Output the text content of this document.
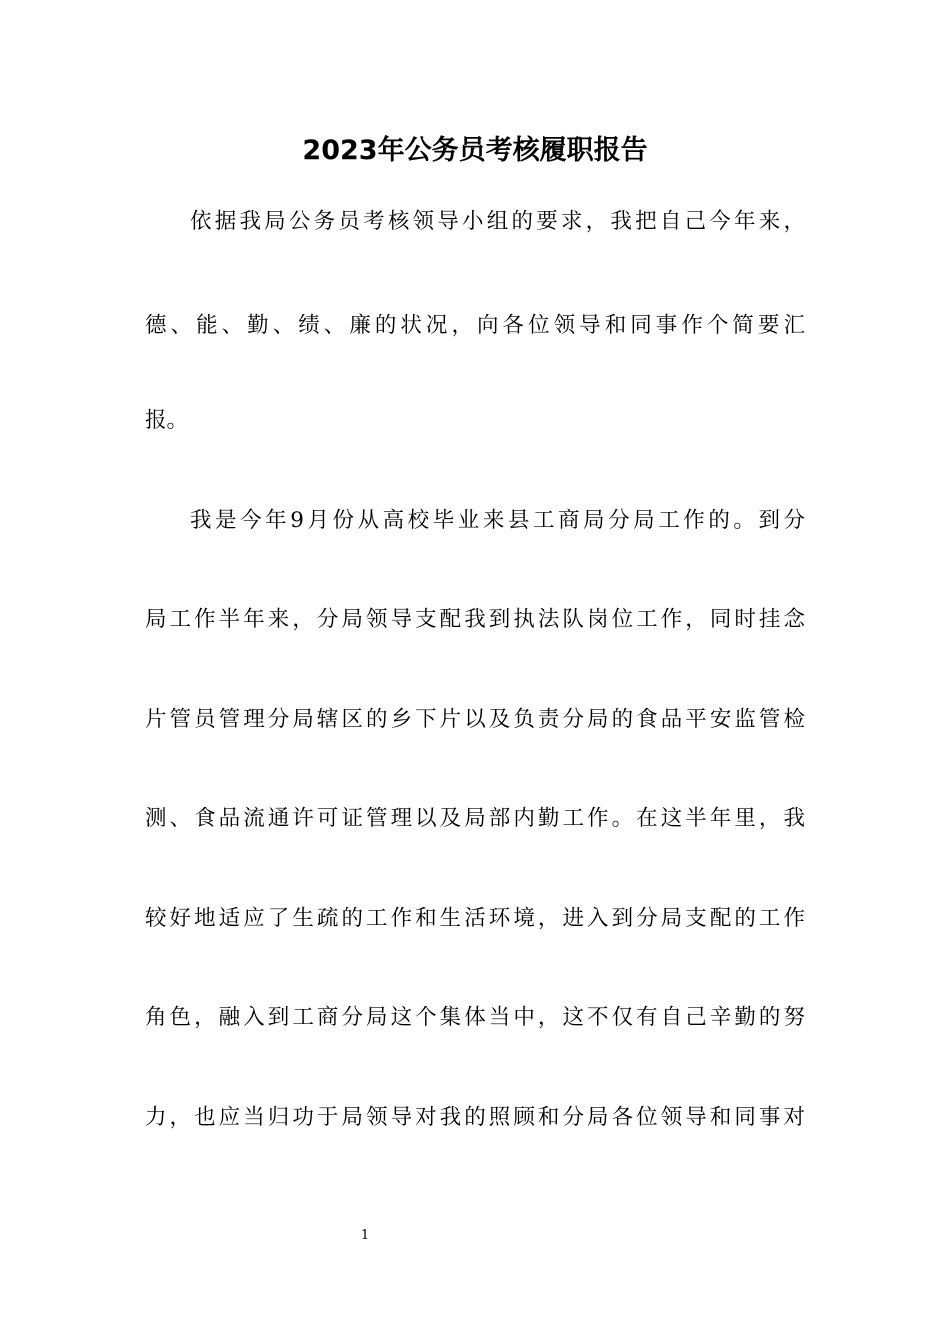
2023年公务员考核履职报告

依据我局公务员考核领导小组的要求，我把自己今年来，

德、能、勤、绩、廉的状况，向各位领导和同事作个简要汇

报。

我是今年9月份从高校毕业来县工商局分局工作的。到分

局工作半年来，分局领导支配我到执法队岗位工作，同时挂念

片管员管理分局辖区的乡下片以及负责分局的食品平安监管检

测、食品流通许可证管理以及局部内勤工作。在这半年里，我

较好地适应了生疏的工作和生活环境，进入到分局支配的工作

角色，融入到工商分局这个集体当中，这不仅有自己辛勤的努

力，也应当归功于局领导对我的照顾和分局各位领导和同事对

1
